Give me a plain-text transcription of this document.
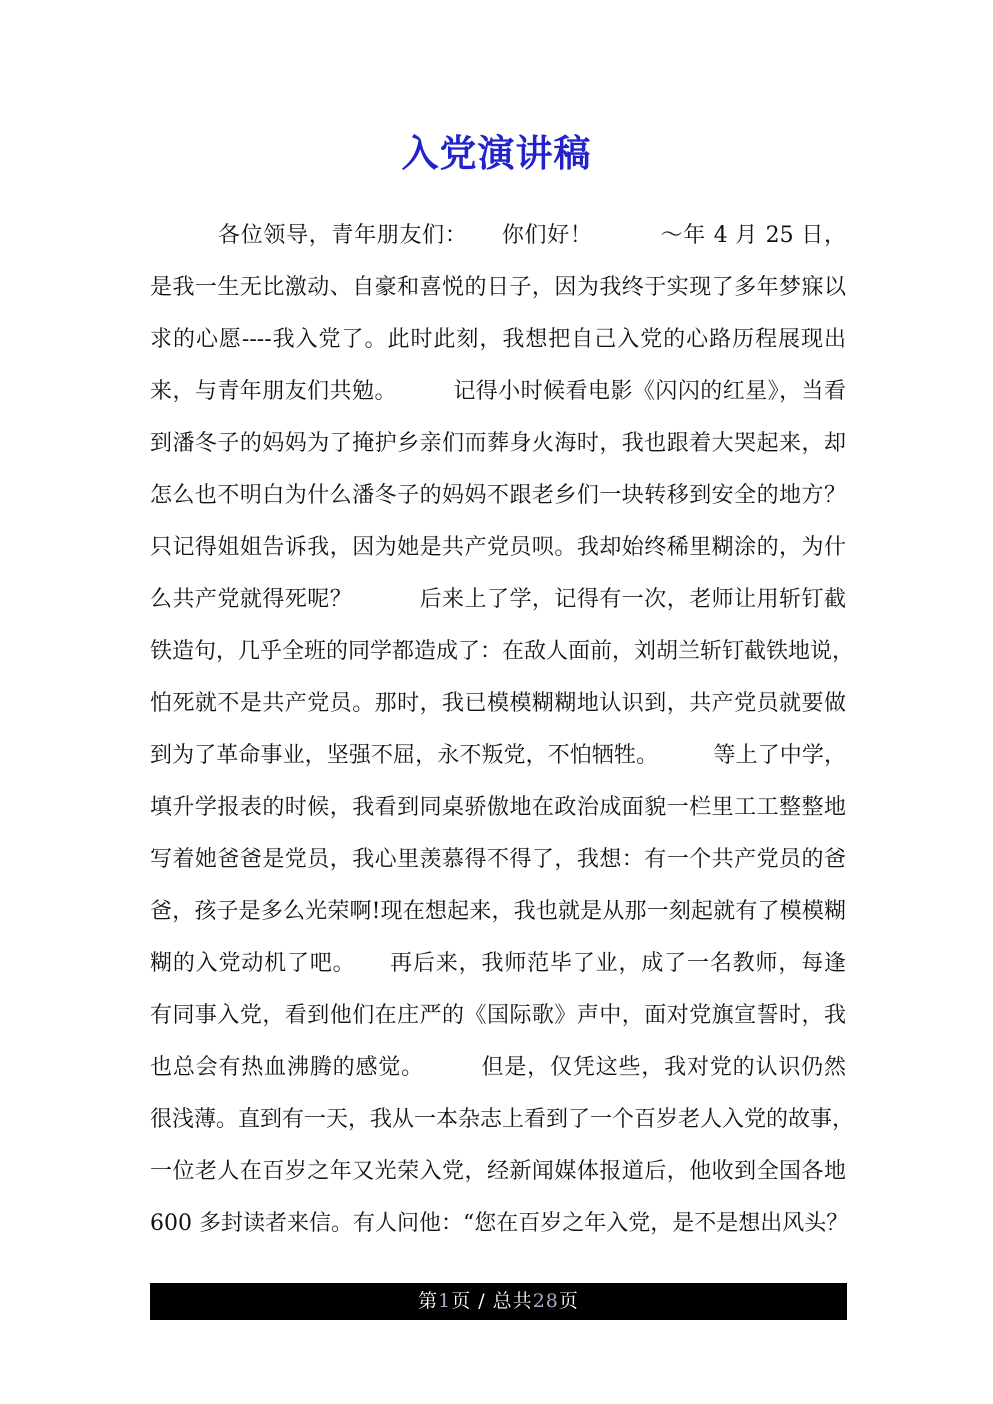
入党演讲稿
　　　各位领导，青年朋友们：　　你们好！　　　～年 4 月 25 日，
是我一生无比激动、自豪和喜悦的日子，因为我终于实现了多年梦寐以
求的心愿----我入党了。此时此刻，我想把自己入党的心路历程展现出
来，与青年朋友们共勉。　　　记得小时候看电影《闪闪的红星》，当看
到潘冬子的妈妈为了掩护乡亲们而葬身火海时，我也跟着大哭起来，却
怎么也不明白为什么潘冬子的妈妈不跟老乡们一块转移到安全的地方？
只记得姐姐告诉我，因为她是共产党员呗。我却始终稀里糊涂的，为什
么共产党就得死呢？　　　后来上了学，记得有一次，老师让用斩钉截
铁造句，几乎全班的同学都造成了：在敌人面前，刘胡兰斩钉截铁地说，
怕死就不是共产党员。那时，我已模模糊糊地认识到，共产党员就要做
到为了革命事业，坚强不屈，永不叛党，不怕牺牲。　　　等上了中学，
填升学报表的时候，我看到同桌骄傲地在政治成面貌一栏里工工整整地
写着她爸爸是党员，我心里羡慕得不得了，我想：有一个共产党员的爸
爸，孩子是多么光荣啊!现在想起来，我也就是从那一刻起就有了模模糊
糊的入党动机了吧。　　再后来，我师范毕了业，成了一名教师，每逢
有同事入党，看到他们在庄严的《国际歌》声中，面对党旗宣誓时，我
也总会有热血沸腾的感觉。　　　但是，仅凭这些，我对党的认识仍然
很浅薄。直到有一天，我从一本杂志上看到了一个百岁老人入党的故事，
一位老人在百岁之年又光荣入党，经新闻媒体报道后，他收到全国各地
600 多封读者来信。有人问他：“您在百岁之年入党，是不是想出风头？
第1页 / 总共28页
